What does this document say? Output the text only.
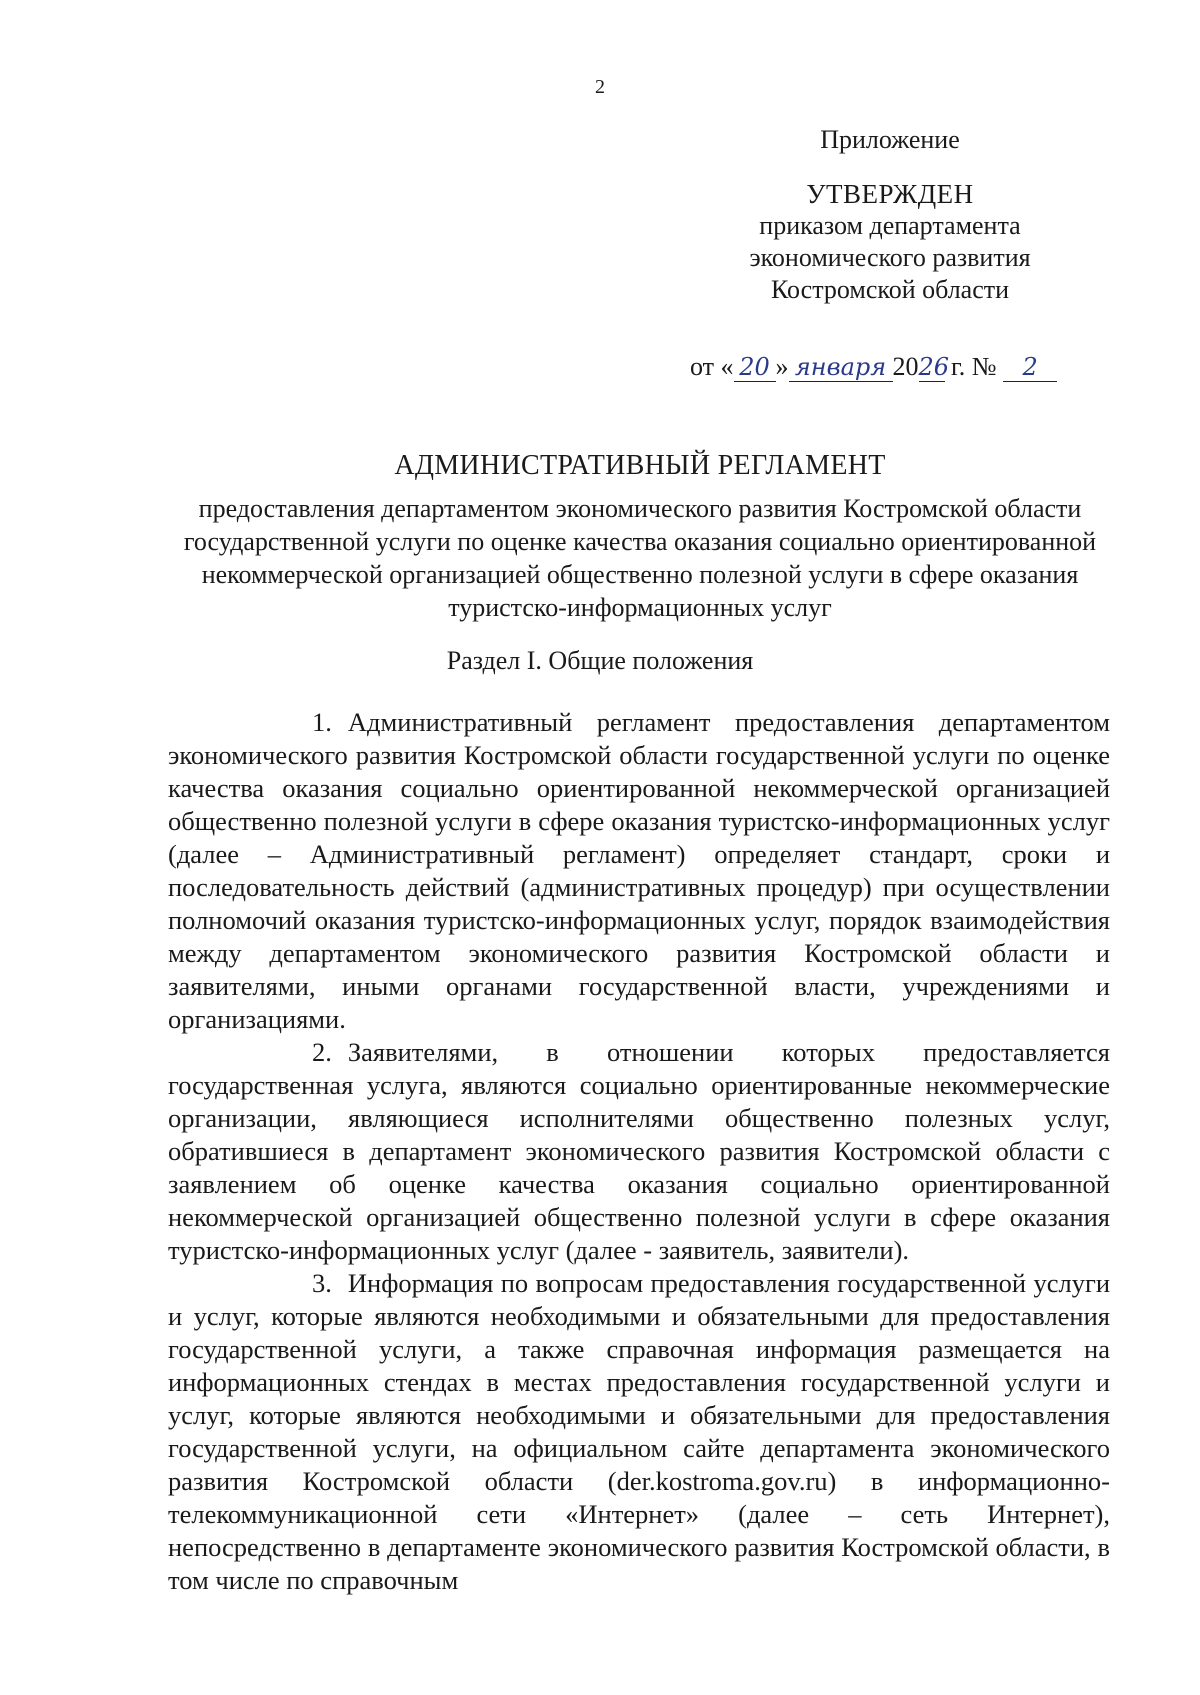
2
Приложение
УТВЕРЖДЕН
приказом департамента
экономического развития
Костромской области
от « 20 » января 2026 г. № 2
АДМИНИСТРАТИВНЫЙ РЕГЛАМЕНТ
предоставления департаментом экономического развития Костромской области государственной услуги по оценке качества оказания социально ориентированной некоммерческой организацией общественно полезной услуги в сфере оказания туристско-информационных услуг
Раздел I. Общие положения

1. Административный регламент предоставления департаментом экономического развития Костромской области государственной услуги по оценке качества оказания социально ориентированной некоммерческой организацией общественно полезной услуги в сфере оказания туристско-информационных услуг (далее – Административный регламент) определяет стандарт, сроки и последовательность действий (административных процедур) при осуществлении полномочий оказания туристско-информационных услуг, порядок взаимодействия между департаментом экономического развития Костромской области и заявителями, иными органами государственной власти, учреждениями и организациями.

2. Заявителями, в отношении которых предоставляется государственная услуга, являются социально ориентированные некоммерческие организации, являющиеся исполнителями общественно полезных услуг, обратившиеся в департамент экономического развития Костромской области с заявлением об оценке качества оказания социально ориентированной некоммерческой организацией общественно полезной услуги в сфере оказания туристско-информационных услуг (далее - заявитель, заявители).

3. Информация по вопросам предоставления государственной услуги и услуг, которые являются необходимыми и обязательными для предоставления государственной услуги, а также справочная информация размещается на информационных стендах в местах предоставления государственной услуги и услуг, которые являются необходимыми и обязательными для предоставления государственной услуги, на официальном сайте департамента экономического развития Костромской области (der.kostroma.gov.ru) в информационно-телекоммуникационной сети «Интернет» (далее – сеть Интернет), непосредственно в департаменте экономического развития Костромской области, в том числе по справочным
